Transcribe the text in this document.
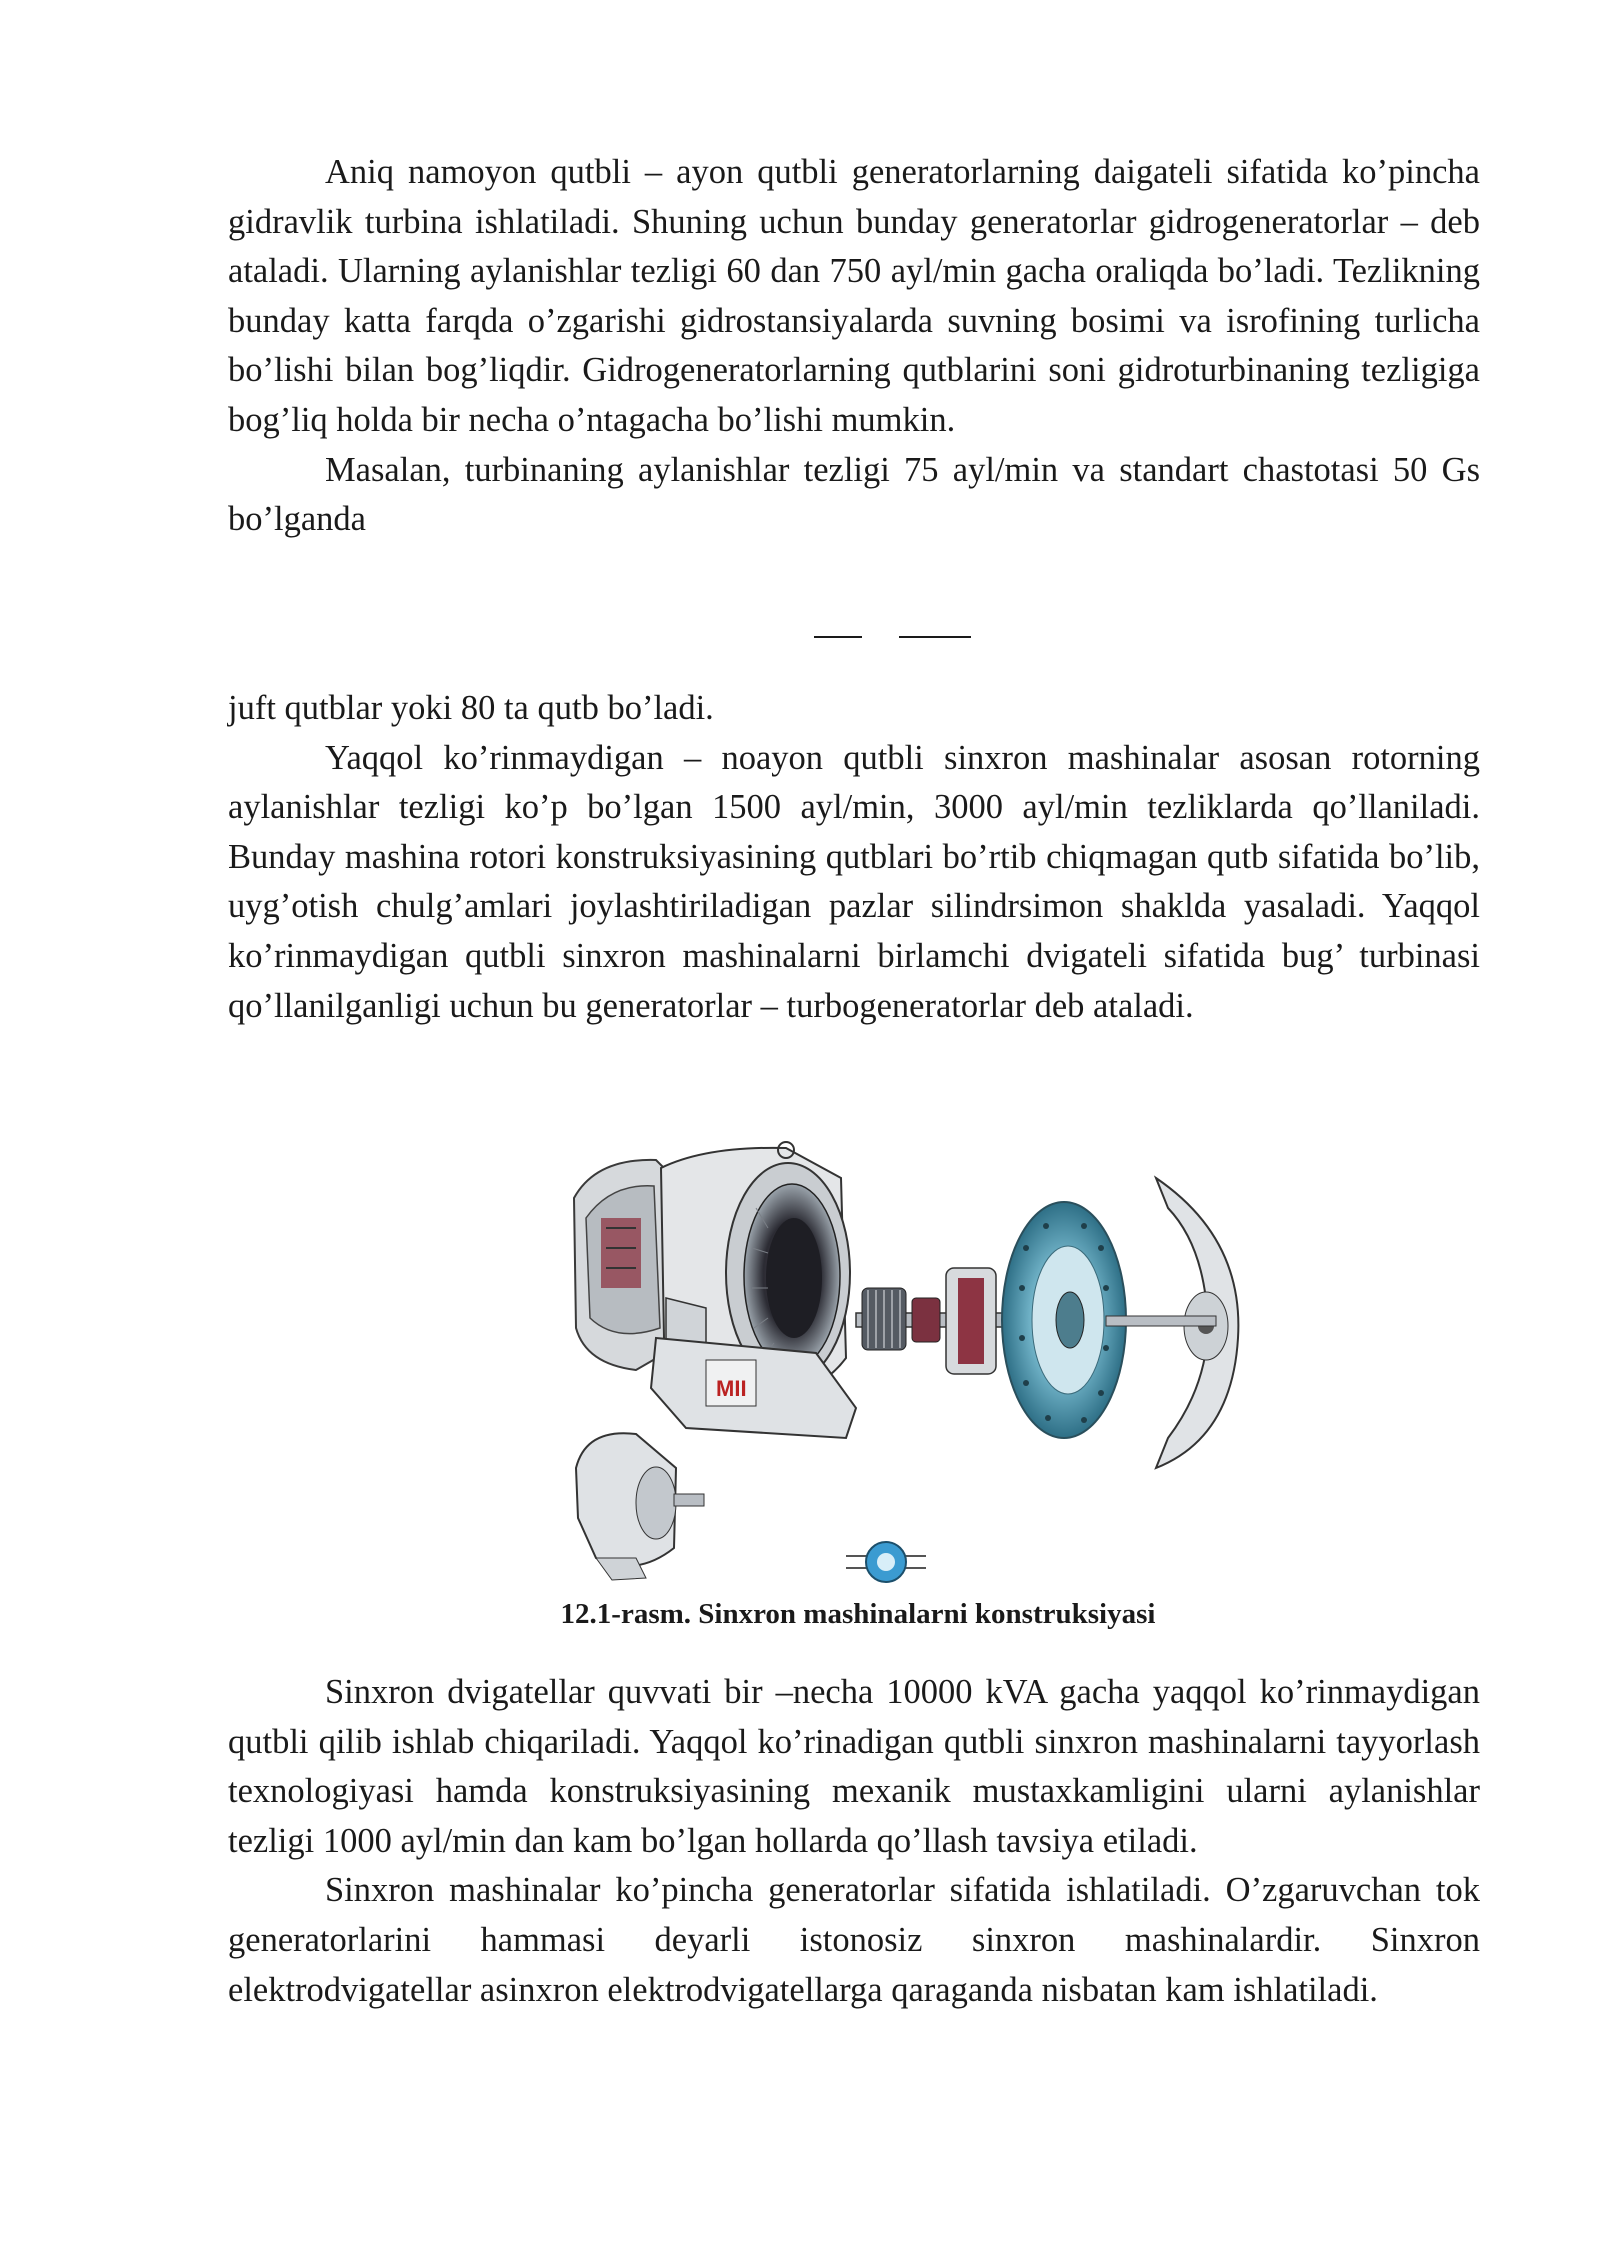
Aniq namoyon qutbli – ayon qutbli generatorlarning daigateli sifatida ko’pincha gidravlik turbina ishlatiladi. Shuning uchun bunday generatorlar gidrogeneratorlar – deb ataladi. Ularning aylanishlar tezligi 60 dan 750 ayl/min gacha oraliqda bo’ladi. Tezlikning bunday katta farqda o’zgarishi gidrostansiyalarda suvning bosimi va isrofining turlicha bo’lishi bilan bog’liqdir. Gidrogeneratorlarning qutblarini soni gidroturbinaning tezligiga bog’liq holda bir necha o’ntagacha bo’lishi mumkin.

Masalan, turbinaning aylanishlar tezligi 75 ayl/min va standart chastotasi 50 Gs bo’lganda

juft qutblar yoki 80 ta qutb bo’ladi.

Yaqqol ko’rinmaydigan – noayon qutbli sinxron mashinalar asosan rotorning aylanishlar tezligi ko’p bo’lgan 1500 ayl/min, 3000 ayl/min tezliklarda qo’llaniladi. Bunday mashina rotori konstruksiyasining qutblari bo’rtib chiqmagan qutb sifatida bo’lib, uyg’otish chulg’amlari joylashtiriladigan pazlar silindrsimon shaklda yasaladi. Yaqqol ko’rinmaydigan qutbli sinxron mashinalarni birlamchi dvigateli sifatida bug’ turbinasi qo’llanilganligi uchun bu generatorlar – turbogeneratorlar deb ataladi.

MII

12.1-rasm. Sinxron mashinalarni konstruksiyasi

Sinxron dvigatellar quvvati bir –necha 10000 kVA gacha yaqqol ko’rinmaydigan qutbli qilib ishlab chiqariladi. Yaqqol ko’rinadigan qutbli sinxron mashinalarni tayyorlash texnologiyasi hamda konstruksiyasining mexanik mustaxkamligini ularni aylanishlar tezligi 1000 ayl/min dan kam bo’lgan hollarda qo’llash tavsiya etiladi.

Sinxron mashinalar ko’pincha generatorlar sifatida ishlatiladi. O’zgaruvchan tok generatorlarini hammasi deyarli istonosiz sinxron mashinalardir. Sinxron elektrodvigatellar asinxron elektrodvigatellarga qaraganda nisbatan kam ishlatiladi.
